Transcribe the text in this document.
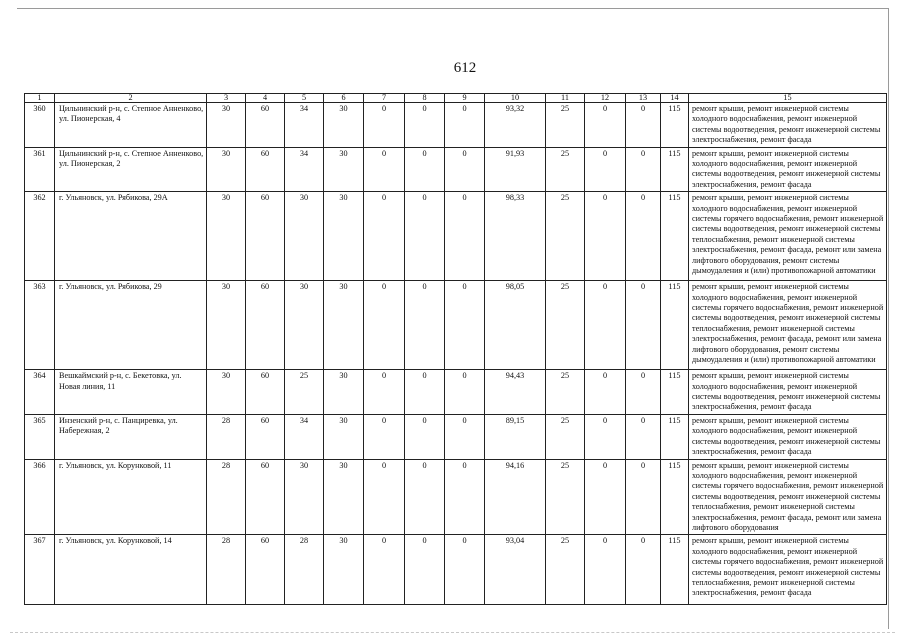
612
1	2	3	4	5	6	7	8	9	10	11	12	13	14	15
360	Цильнинский р-н, с. Степное Анненково, ул. Пионерская, 4	30	60	34	30	0	0	0	93,32	25	0	0	115	ремонт крыши, ремонт инженерной системы холодного водоснабжения, ремонт инженерной системы водоотведения, ремонт инженерной системы электроснабжения, ремонт фасада
361	Цильнинский р-н, с. Степное Анненково, ул. Пионерская, 2	30	60	34	30	0	0	0	91,93	25	0	0	115	ремонт крыши, ремонт инженерной системы холодного водоснабжения, ремонт инженерной системы водоотведения, ремонт инженерной системы электроснабжения, ремонт фасада
362	г. Ульяновск, ул. Рябикова, 29А	30	60	30	30	0	0	0	98,33	25	0	0	115	ремонт крыши, ремонт инженерной системы холодного водоснабжения, ремонт инженерной системы горячего водоснабжения, ремонт инженерной системы водоотведения, ремонт инженерной системы теплоснабжения, ремонт инженерной системы электроснабжения, ремонт фасада, ремонт или замена лифтового оборудования, ремонт системы дымоудаления и (или) противопожарной автоматики
363	г. Ульяновск, ул. Рябикова, 29	30	60	30	30	0	0	0	98,05	25	0	0	115	ремонт крыши, ремонт инженерной системы холодного водоснабжения, ремонт инженерной системы горячего водоснабжения, ремонт инженерной системы водоотведения, ремонт инженерной системы теплоснабжения, ремонт инженерной системы электроснабжения, ремонт фасада, ремонт или замена лифтового оборудования, ремонт системы дымоудаления и (или) противопожарной автоматики
364	Вешкаймский р-н, с. Бекетовка, ул. Новая линия, 11	30	60	25	30	0	0	0	94,43	25	0	0	115	ремонт крыши, ремонт инженерной системы холодного водоснабжения, ремонт инженерной системы водоотведения, ремонт инженерной системы электроснабжения, ремонт фасада
365	Инзенский р-н, с. Панциревка, ул. Набережная, 2	28	60	34	30	0	0	0	89,15	25	0	0	115	ремонт крыши, ремонт инженерной системы холодного водоснабжения, ремонт инженерной системы водоотведения, ремонт инженерной системы электроснабжения, ремонт фасада
366	г. Ульяновск, ул. Корунковой, 11	28	60	30	30	0	0	0	94,16	25	0	0	115	ремонт крыши, ремонт инженерной системы холодного водоснабжения, ремонт инженерной системы горячего водоснабжения, ремонт инженерной системы водоотведения, ремонт инженерной системы теплоснабжения, ремонт инженерной системы электроснабжения, ремонт фасада, ремонт или замена лифтового оборудования
367	г. Ульяновск, ул. Корунковой, 14	28	60	28	30	0	0	0	93,04	25	0	0	115	ремонт крыши, ремонт инженерной системы холодного водоснабжения, ремонт инженерной системы горячего водоснабжения, ремонт инженерной системы водоотведения, ремонт инженерной системы теплоснабжения, ремонт инженерной системы электроснабжения, ремонт фасада
